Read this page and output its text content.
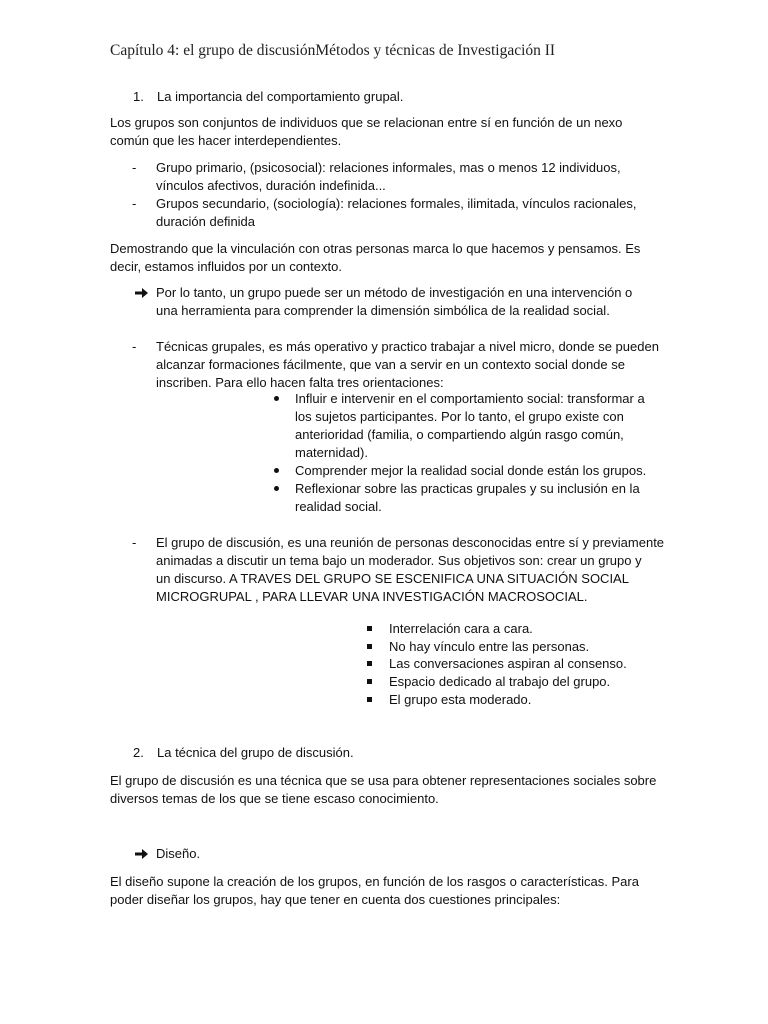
Capítulo 4: el grupo de discusiónMétodos y técnicas de Investigación II
1. La importancia del comportamiento grupal.
Los grupos son conjuntos de individuos que se relacionan entre sí en función de un nexo
común que les hacer interdependientes.
- Grupo primario, (psicosocial): relaciones informales, mas o menos 12 individuos,
vínculos afectivos, duración indefinida...
- Grupos secundario, (sociología): relaciones formales, ilimitada, vínculos racionales,
duración definida
Demostrando que la vinculación con otras personas marca lo que hacemos y pensamos. Es
decir, estamos influidos por un contexto.
Por lo tanto, un grupo puede ser un método de investigación en una intervención o
una herramienta para comprender la dimensión simbólica de la realidad social.
- Técnicas grupales, es más operativo y practico trabajar a nivel micro, donde se pueden
alcanzar formaciones fácilmente, que van a servir en un contexto social donde se
inscriben. Para ello hacen falta tres orientaciones:
Influir e intervenir en el comportamiento social: transformar a
los sujetos participantes. Por lo tanto, el grupo existe con
anterioridad (familia, o compartiendo algún rasgo común,
maternidad).
Comprender mejor la realidad social donde están los grupos.
Reflexionar sobre las practicas grupales y su inclusión en la
realidad social.
- El grupo de discusión, es una reunión de personas desconocidas entre sí y previamente
animadas a discutir un tema bajo un moderador. Sus objetivos son: crear un grupo y
un discurso. A TRAVES DEL GRUPO SE ESCENIFICA UNA SITUACIÓN SOCIAL
MICROGRUPAL , PARA LLEVAR UNA INVESTIGACIÓN MACROSOCIAL.
Interrelación cara a cara.
No hay vínculo entre las personas.
Las conversaciones aspiran al consenso.
Espacio dedicado al trabajo del grupo.
El grupo esta moderado.
2. La técnica del grupo de discusión.
El grupo de discusión es una técnica que se usa para obtener representaciones sociales sobre
diversos temas de los que se tiene escaso conocimiento.
Diseño.
El diseño supone la creación de los grupos, en función de los rasgos o características. Para
poder diseñar los grupos, hay que tener en cuenta dos cuestiones principales:
